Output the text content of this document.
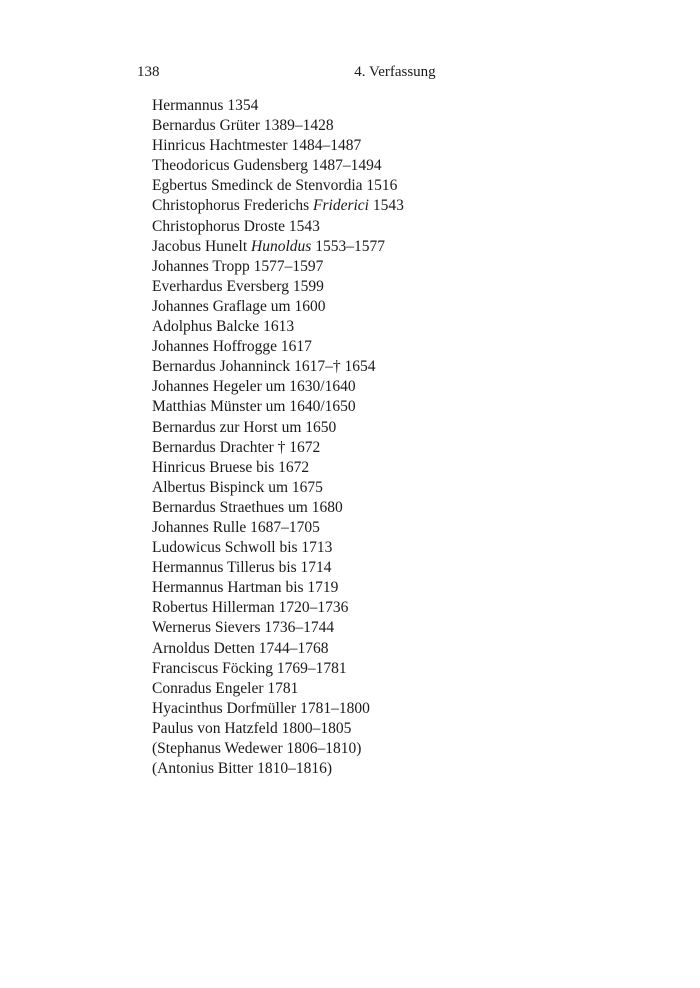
138	4. Verfassung
Hermannus 1354
Bernardus Grüter 1389–1428
Hinricus Hachtmester 1484–1487
Theodoricus Gudensberg 1487–1494
Egbertus Smedinck de Stenvordia 1516
Christophorus Frederichs Friderici 1543
Christophorus Droste 1543
Jacobus Hunelt Hunoldus 1553–1577
Johannes Tropp 1577–1597
Everhardus Eversberg 1599
Johannes Graflage um 1600
Adolphus Balcke 1613
Johannes Hoffrogge 1617
Bernardus Johanninck 1617–† 1654
Johannes Hegeler um 1630/1640
Matthias Münster um 1640/1650
Bernardus zur Horst um 1650
Bernardus Drachter † 1672
Hinricus Bruese bis 1672
Albertus Bispinck um 1675
Bernardus Straethues um 1680
Johannes Rulle 1687–1705
Ludowicus Schwoll bis 1713
Hermannus Tillerus bis 1714
Hermannus Hartman bis 1719
Robertus Hillerman 1720–1736
Wernerus Sievers 1736–1744
Arnoldus Detten 1744–1768
Franciscus Föcking 1769–1781
Conradus Engeler 1781
Hyacinthus Dorfmüller 1781–1800
Paulus von Hatzfeld 1800–1805
(Stephanus Wedewer 1806–1810)
(Antonius Bitter 1810–1816)
